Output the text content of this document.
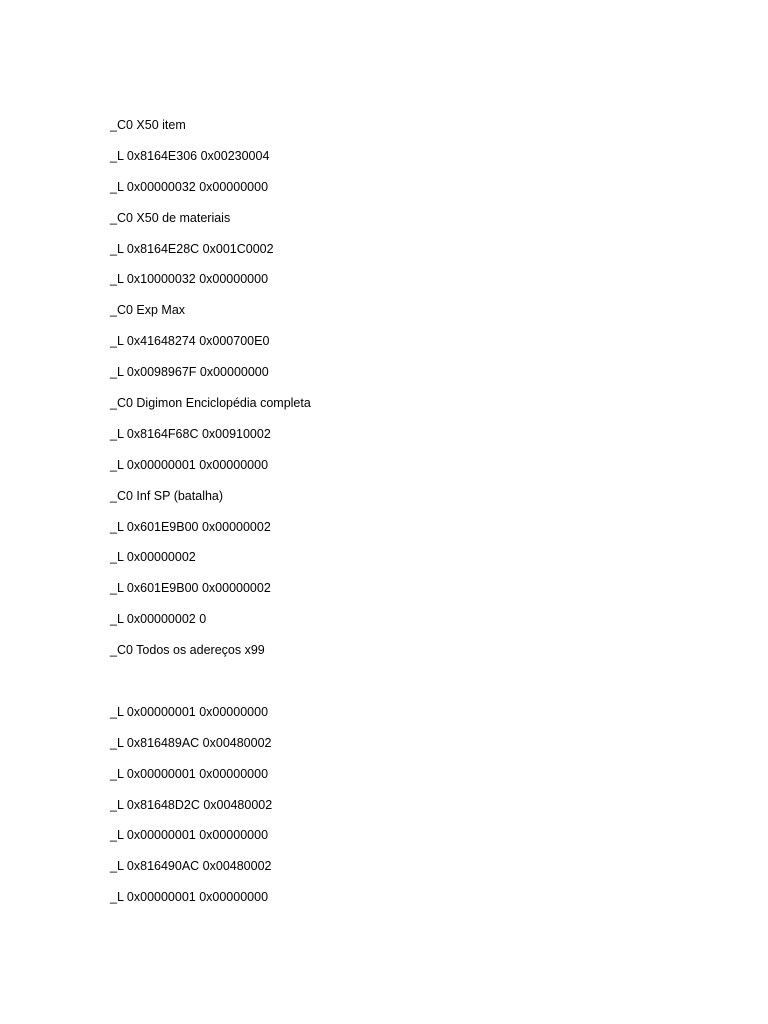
_C0 X50 item
_L 0x8164E306 0x00230004
_L 0x00000032 0x00000000
_C0 X50 de materiais
_L 0x8164E28C 0x001C0002
_L 0x10000032 0x00000000
_C0 Exp Max
_L 0x41648274 0x000700E0
_L 0x0098967F 0x00000000
_C0 Digimon Enciclopédia completa
_L 0x8164F68C 0x00910002
_L 0x00000001 0x00000000
_C0 Inf SP (batalha)
_L 0x601E9B00 0x00000002
_L 0x00000002
_L 0x601E9B00 0x00000002
_L 0x00000002 0
_C0 Todos os adereços x99
_L 0x00000001 0x00000000
_L 0x816489AC 0x00480002
_L 0x00000001 0x00000000
_L 0x81648D2C 0x00480002
_L 0x00000001 0x00000000
_L 0x816490AC 0x00480002
_L 0x00000001 0x00000000
